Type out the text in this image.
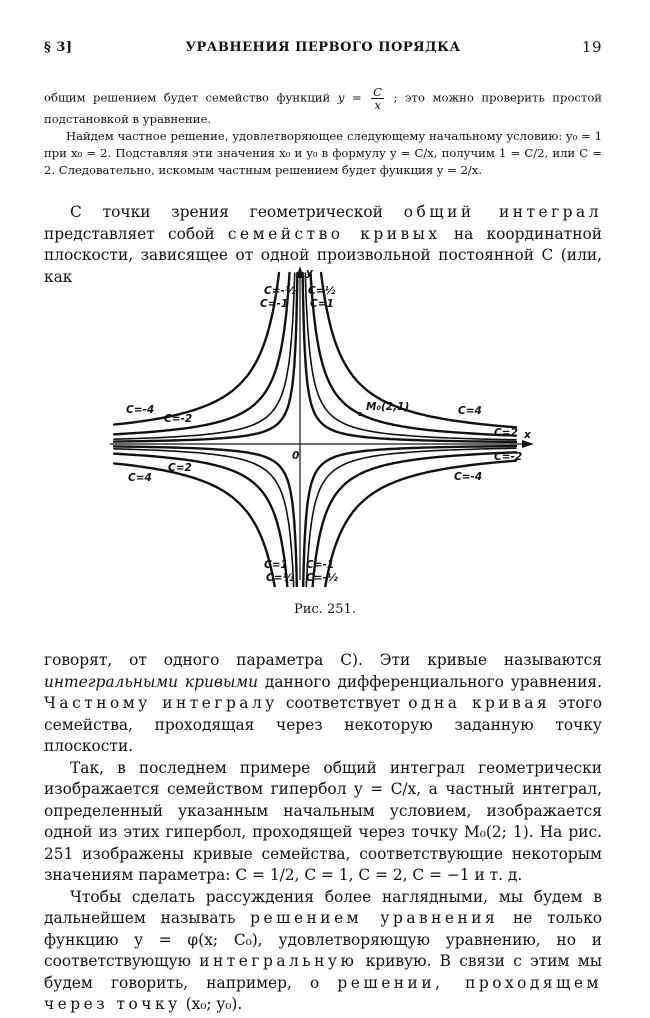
§ 3]	УРАВНЕНИЯ ПЕРВОГО ПОРЯДКА	19

общим решением будет семейство функций $y = \frac{C}{x}$ ; это можно проверить простой подстановкой в уравнение.

Найдем частное решение, удовлетворяющее следующему начальному условию: y₀ = 1 при x₀ = 2. Подставляя эти значения x₀ и y₀ в формулу y = C/x, получим 1 = C/2, или C = 2. Следовательно, искомым частным решением будет функция y = 2/x.

С точки зрения геометрической общий интеграл представляет собой семейство кривых на координатной плоскости, зависящее от одной произвольной постоянной C (или, как

x
y
0
M₀(2,1)
C=-½ C=½
C=-1 C=1
C=-4
C=-2
C=4
C=2
C=-2
C=2
C=4	C=-4
C=1 C=-1
C=½ C=-½
Рис. 251.

говорят, от одного параметра C). Эти кривые называются интегральными кривыми данного дифференциального уравнения. Частному интегралу соответствует одна кривая этого семейства, проходящая через некоторую заданную точку плоскости.

Так, в последнем примере общий интеграл геометрически изображается семейством гипербол y = C/x, а частный интеграл, определенный указанным начальным условием, изображается одной из этих гипербол, проходящей через точку M₀(2; 1). На рис. 251 изображены кривые семейства, соответствующие некоторым значениям параметра: C = 1/2, C = 1, C = 2, C = −1 и т. д.

Чтобы сделать рассуждения более наглядными, мы будем в дальнейшем называть решением уравнения не только функцию y = φ(x; C₀), удовлетворяющую уравнению, но и соответствующую интегральную кривую. В связи с этим мы будем говорить, например, о решении, проходящем через точку (x₀; y₀).
